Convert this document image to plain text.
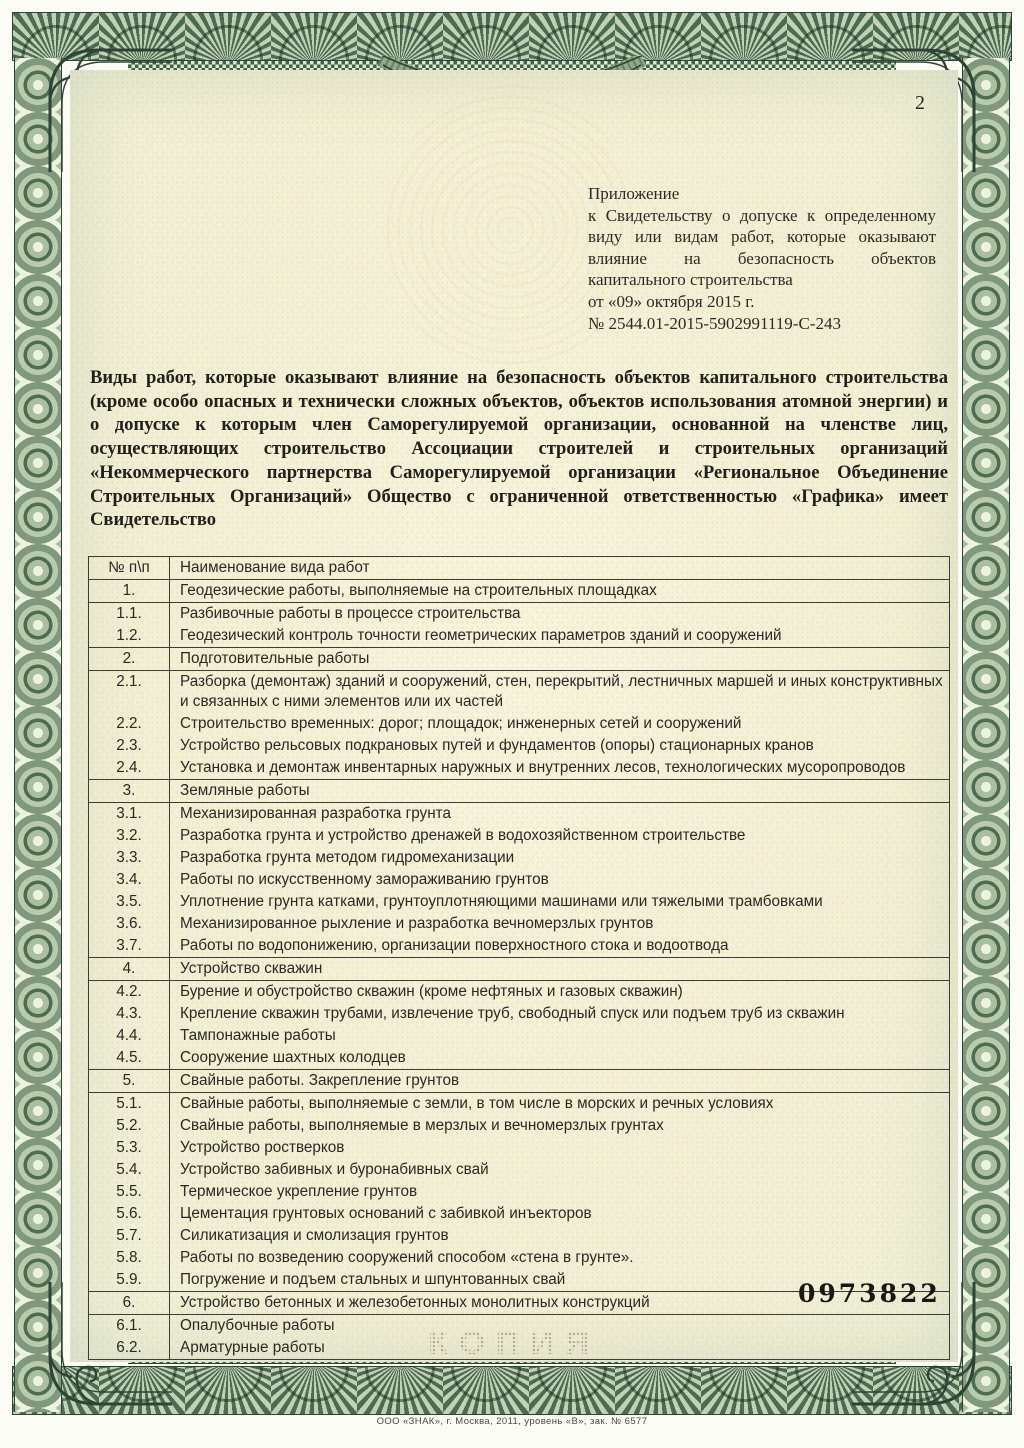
2
Приложение
к Свидетельству о допуске к определенному виду или видам работ, которые оказывают влияние на безопасность объектов капитального строительства
от «09» октября 2015 г.
№ 2544.01-2015-5902991119-С-243
Виды работ, которые оказывают влияние на безопасность объектов капитального строительства (кроме особо опасных и технически сложных объектов, объектов использования атомной энергии) и о допуске к которым член Саморегулируемой организации, основанной на членстве лиц, осуществляющих строительство Ассоциации строителей и строительных организаций «Некоммерческого партнерства Саморегулируемой организации «Региональное Объединение Строительных Организаций» Общество с ограниченной ответственностью «Графика» имеет Свидетельство
№ п\п	Наименование вида работ
1.	Геодезические работы, выполняемые на строительных площадках
1.1.	Разбивочные работы в процессе строительства
1.2.	Геодезический контроль точности геометрических параметров зданий и сооружений
2.	Подготовительные работы
2.1.	Разборка (демонтаж) зданий и сооружений, стен, перекрытий, лестничных маршей и иных конструктивных и связанных с ними элементов или их частей
2.2.	Строительство временных: дорог; площадок; инженерных сетей и сооружений
2.3.	Устройство рельсовых подкрановых путей и фундаментов (опоры) стационарных кранов
2.4.	Установка и демонтаж инвентарных наружных и внутренних лесов, технологических мусоропроводов
3.	Земляные работы
3.1.	Механизированная разработка грунта
3.2.	Разработка грунта и устройство дренажей в водохозяйственном строительстве
3.3.	Разработка грунта методом гидромеханизации
3.4.	Работы по искусственному замораживанию грунтов
3.5.	Уплотнение грунта катками, грунтоуплотняющими машинами или тяжелыми трамбовками
3.6.	Механизированное рыхление и разработка вечномерзлых грунтов
3.7.	Работы по водопонижению, организации поверхностного стока и водоотвода
4.	Устройство скважин
4.2.	Бурение и обустройство скважин (кроме нефтяных и газовых скважин)
4.3.	Крепление скважин трубами, извлечение труб, свободный спуск или подъем труб из скважин
4.4.	Тампонажные работы
4.5.	Сооружение шахтных колодцев
5.	Свайные работы. Закрепление грунтов
5.1.	Свайные работы, выполняемые с земли, в том числе в морских и речных условиях
5.2.	Свайные работы, выполняемые в мерзлых и вечномерзлых грунтах
5.3.	Устройство ростверков
5.4.	Устройство забивных и буронабивных свай
5.5.	Термическое укрепление грунтов
5.6.	Цементация грунтовых оснований с забивкой инъекторов
5.7.	Силикатизация и смолизация грунтов
5.8.	Работы по возведению сооружений способом «стена в грунте».
5.9.	Погружение и подъем стальных и шпунтованных свай
6.	Устройство бетонных и железобетонных монолитных конструкций
6.1.	Опалубочные работы
6.2.	Арматурные работы
0973822
КОПИЯ
ООО «ЗНАК», г. Москва, 2011, уровень «В», зак. № 6577
